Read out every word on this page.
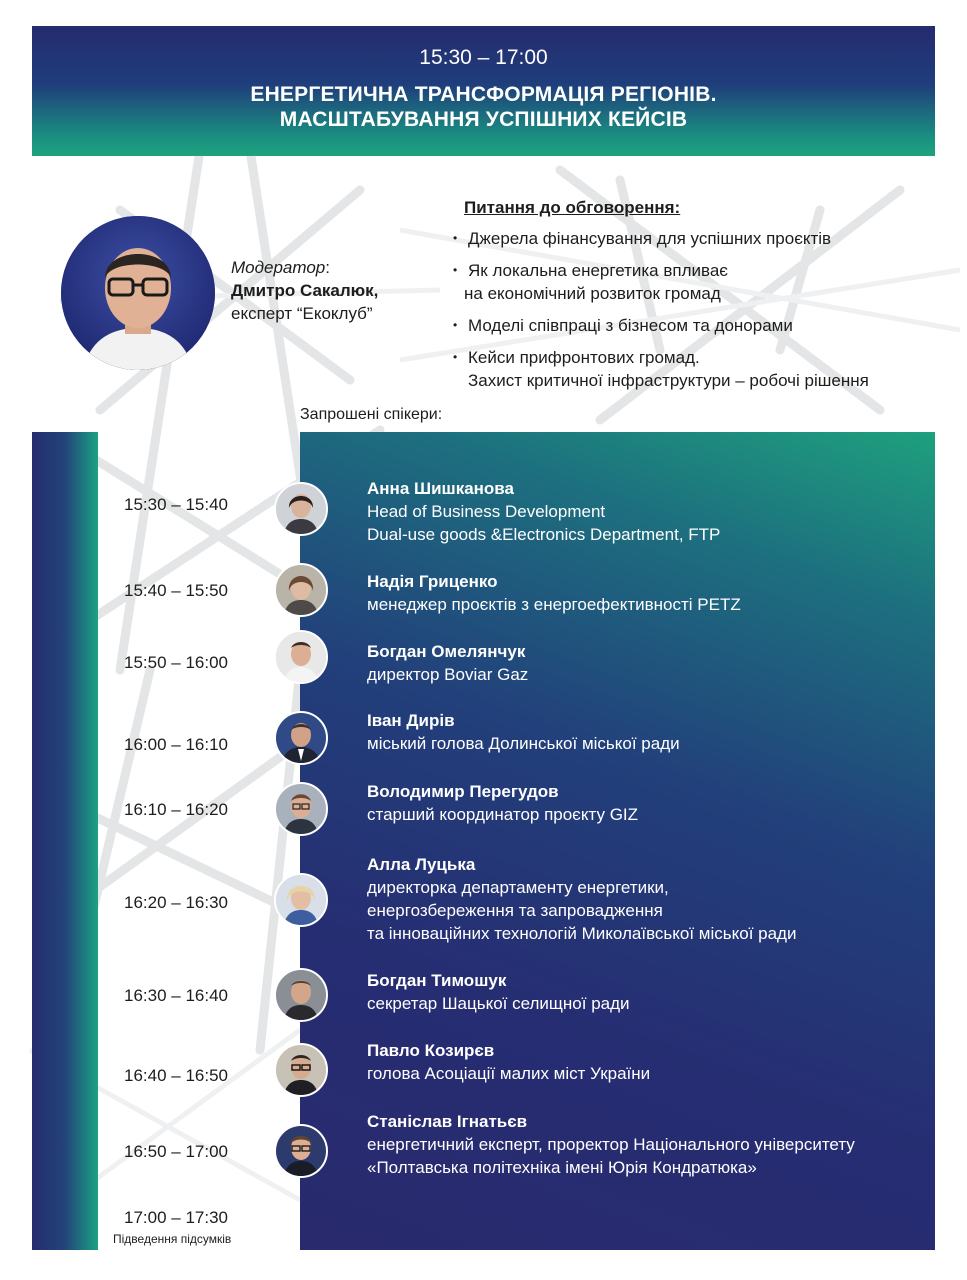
15:30 – 17:00
ЕНЕРГЕТИЧНА ТРАНСФОРМАЦІЯ РЕГІОНІВ.
МАСШТАБУВАННЯ УСПІШНИХ КЕЙСІВ
Модератор:
Дмитро Сакалюк,
експерт “Екоклуб”
Питання до обговорення:
• Джерела фінансування для успішних проєктів
• Як локальна енергетика впливає
на економічний розвиток громад
• Моделі співпраці з бізнесом та донорами
• Кейси прифронтових громад.
Захист критичної інфраструктури – робочі рішення
Запрошені спікери:
15:30 – 15:40
Анна Шишканова
Head of Business Development
Dual-use goods &Electronics Department, FTP
15:40 – 15:50	Надія Гриценко
менеджер проєктів з енергоефективності PETZ
15:50 – 16:00
Богдан Омелянчук
директор Boviar Gaz
16:00 – 16:10
Іван Дирів
міський голова Долинської міської ради
16:10 – 16:20
Володимир Перегудов
старший координатор проєкту GIZ
16:20 – 16:30
Алла Луцька
директорка департаменту енергетики,
енергозбереження та запровадження
та інноваційних технологій Миколаївської міської ради
16:30 – 16:40
Богдан Тимошук
секретар Шацької селищної ради
16:40 – 16:50
Павло Козирєв
голова Асоціації малих міст України
16:50 – 17:00
Станіслав Ігнатьєв
енергетичний експерт, проректор Національного університету
«Полтавська політехніка імені Юрія Кондратюка»
17:00 – 17:30
Підведення підсумків
